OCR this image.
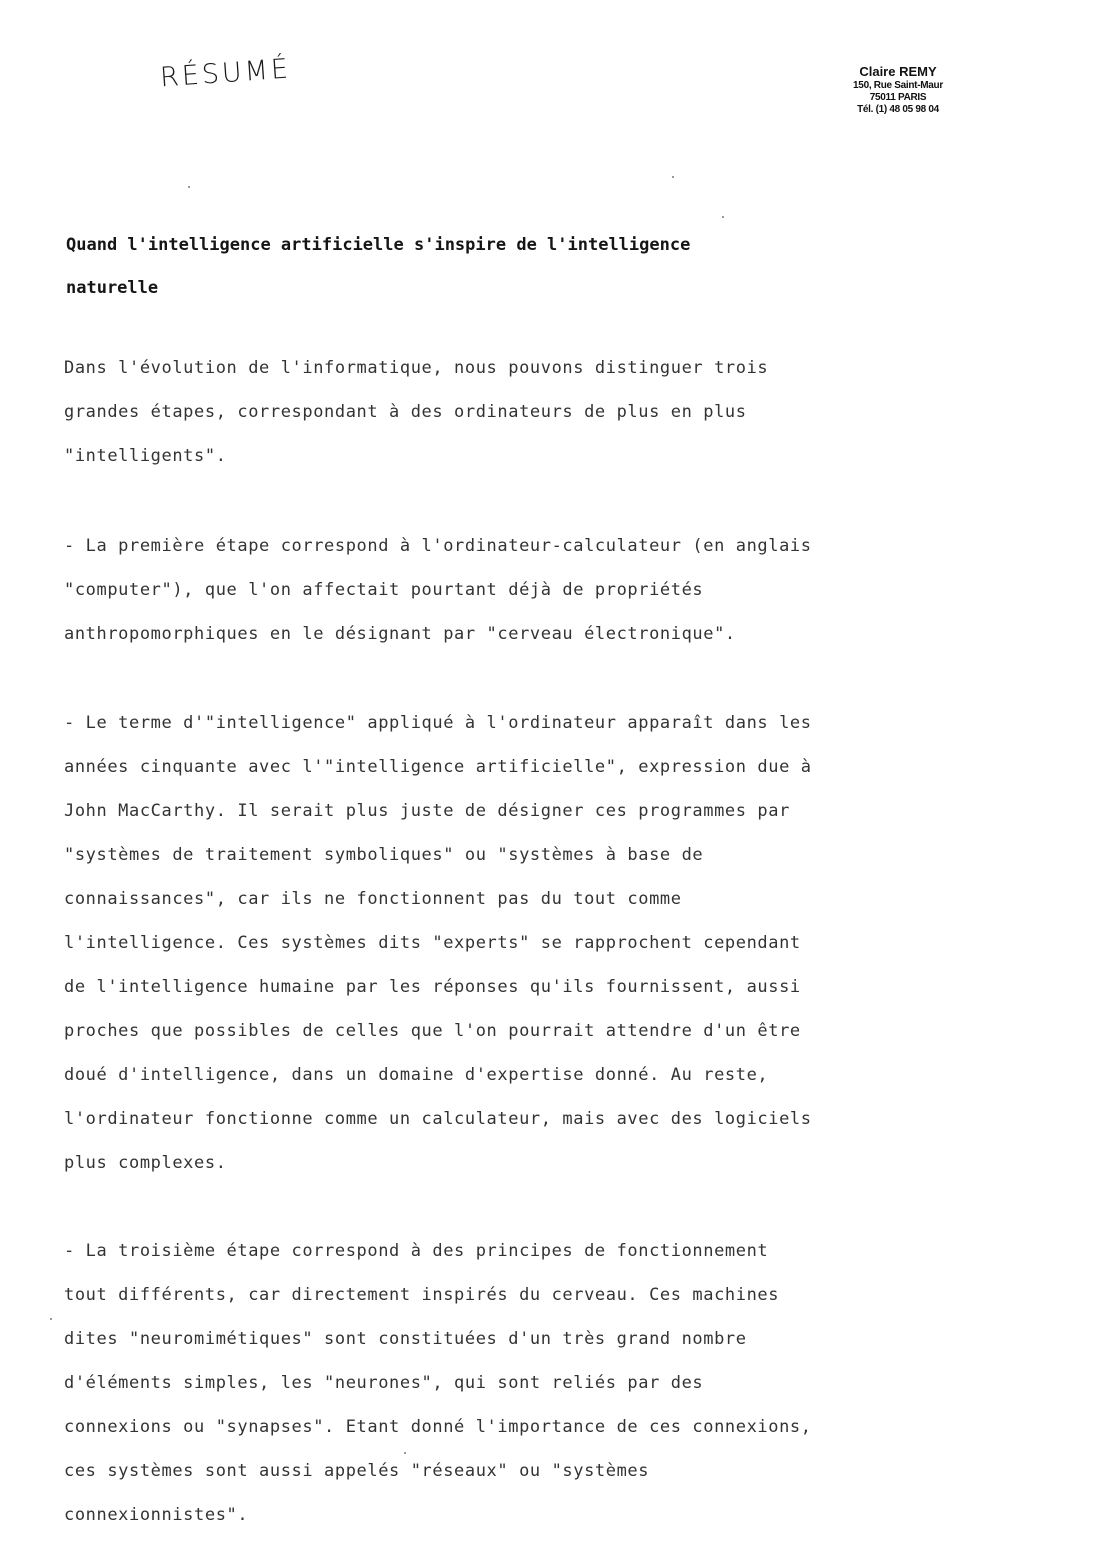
RÉSUMÉ	Claire REMY
150, Rue Saint-Maur
75011 PARIS
Tél. (1) 48 05 98 04
Quand l'intelligence artificielle s'inspire de l'intelligence
naturelle
Dans l'évolution de l'informatique, nous pouvons distinguer trois
grandes étapes, correspondant à des ordinateurs de plus en plus
"intelligents".
- La première étape correspond à l'ordinateur-calculateur (en anglais
"computer"), que l'on affectait pourtant déjà de propriétés
anthropomorphiques en le désignant par "cerveau électronique".
- Le terme d'"intelligence" appliqué à l'ordinateur apparaît dans les
années cinquante avec l'"intelligence artificielle", expression due à
John MacCarthy. Il serait plus juste de désigner ces programmes par
"systèmes de traitement symboliques" ou "systèmes à base de
connaissances", car ils ne fonctionnent pas du tout comme
l'intelligence. Ces systèmes dits "experts" se rapprochent cependant
de l'intelligence humaine par les réponses qu'ils fournissent, aussi
proches que possibles de celles que l'on pourrait attendre d'un être
doué d'intelligence, dans un domaine d'expertise donné. Au reste,
l'ordinateur fonctionne comme un calculateur, mais avec des logiciels
plus complexes.
- La troisième étape correspond à des principes de fonctionnement
tout différents, car directement inspirés du cerveau. Ces machines
dites "neuromimétiques" sont constituées d'un très grand nombre
d'éléments simples, les "neurones", qui sont reliés par des
connexions ou "synapses". Etant donné l'importance de ces connexions,
ces systèmes sont aussi appelés "réseaux" ou "systèmes
connexionnistes".
